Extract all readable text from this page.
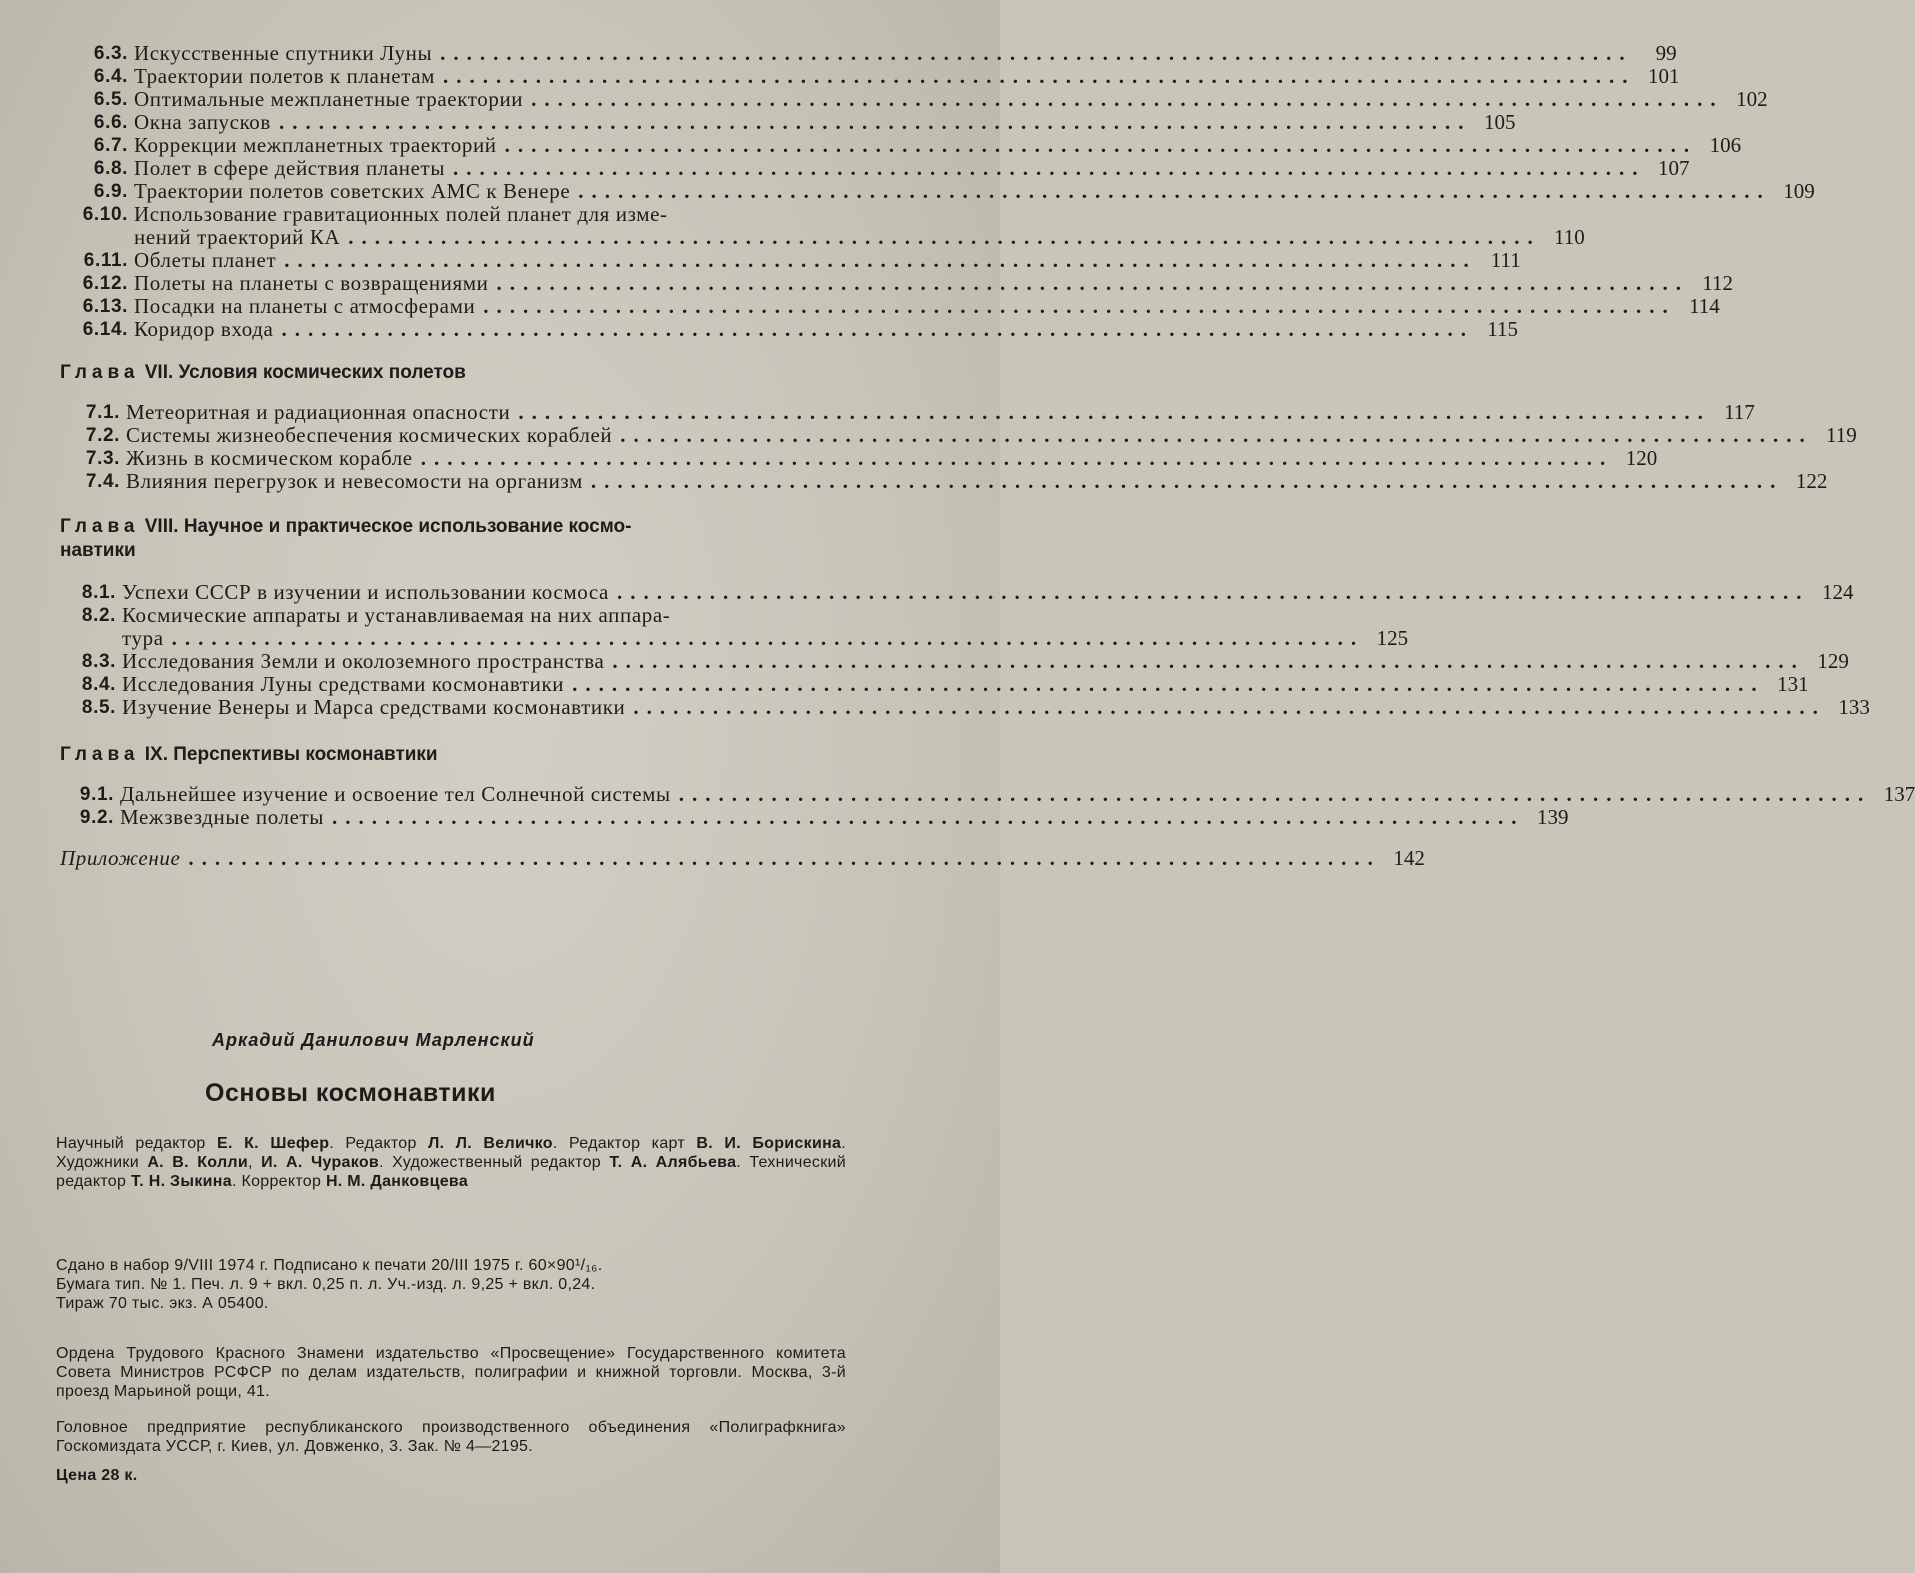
6.3. Искусственные спутники Луны ..........................................................................................	99
6.4. Траектории полетов к планетам .......................................................................................... 101
6.5. Оптимальные межпланетные траектории .......................................................................................... 102
6.6. Окна запусков .......................................................................................... 105
6.7. Коррекции межпланетных траекторий .......................................................................................... 106
6.8. Полет в сфере действия планеты .......................................................................................... 107
6.9. Траектории полетов советских АМС к Венере .......................................................................................... 109
6.10. Использование гравитационных полей планет для изме-
нений траекторий КА .......................................................................................... 110
6.11. Облеты планет .......................................................................................... 111
6.12. Полеты на планеты с возвращениями .......................................................................................... 112
6.13. Посадки на планеты с атмосферами .......................................................................................... 114
6.14. Коридор входа .......................................................................................... 115
Глава VII. Условия космических полетов
7.1. Метеоритная и радиационная опасности .......................................................................................... 117
7.2. Системы жизнеобеспечения космических кораблей .......................................................................................... 119
7.3. Жизнь в космическом корабле .......................................................................................... 120
7.4. Влияния перегрузок и невесомости на организм .......................................................................................... 122
Глава VIII. Научное и практическое использование космо-
навтики
8.1. Успехи СССР в изучении и использовании космоса .......................................................................................... 124
8.2. Космические аппараты и устанавливаемая на них аппара-
тура .......................................................................................... 125
8.3. Исследования Земли и околоземного пространства .......................................................................................... 129
8.4. Исследования Луны средствами космонавтики .......................................................................................... 131
8.5. Изучение Венеры и Марса средствами космонавтики .......................................................................................... 133
Глава IX. Перспективы космонавтики
9.1. Дальнейшее изучение и освоение тел Солнечной системы .......................................................................................... 137
9.2. Межзвездные полеты .......................................................................................... 139
Приложение .......................................................................................... 142
Аркадий Данилович Марленский
Основы космонавтики
Научный редактор Е. К. Шефер. Редактор Л. Л. Величко. Редактор карт В. И. Борискина. Художники А. В. Колли, И. А. Чураков. Художественный редактор Т. А. Алябьева. Технический редактор Т. Н. Зыкина. Корректор Н. М. Данковцева
Сдано в набор 9/VIII 1974 г. Подписано к печати 20/III 1975 г. 60×90¹/₁₆.
Бумага тип. № 1. Печ. л. 9 + вкл. 0,25 п. л. Уч.-изд. л. 9,25 + вкл. 0,24.
Тираж 70 тыс. экз. А 05400.
Ордена Трудового Красного Знамени издательство «Просвещение» Государственного комитета Совета Министров РСФСР по делам издательств, полиграфии и книжной торговли. Москва, 3-й проезд Марьиной рощи, 41.
Головное предприятие республиканского производственного объединения «Полиграфкнига» Госкомиздата УССР, г. Киев, ул. Довженко, 3. Зак. № 4—2195.
Цена 28 к.
